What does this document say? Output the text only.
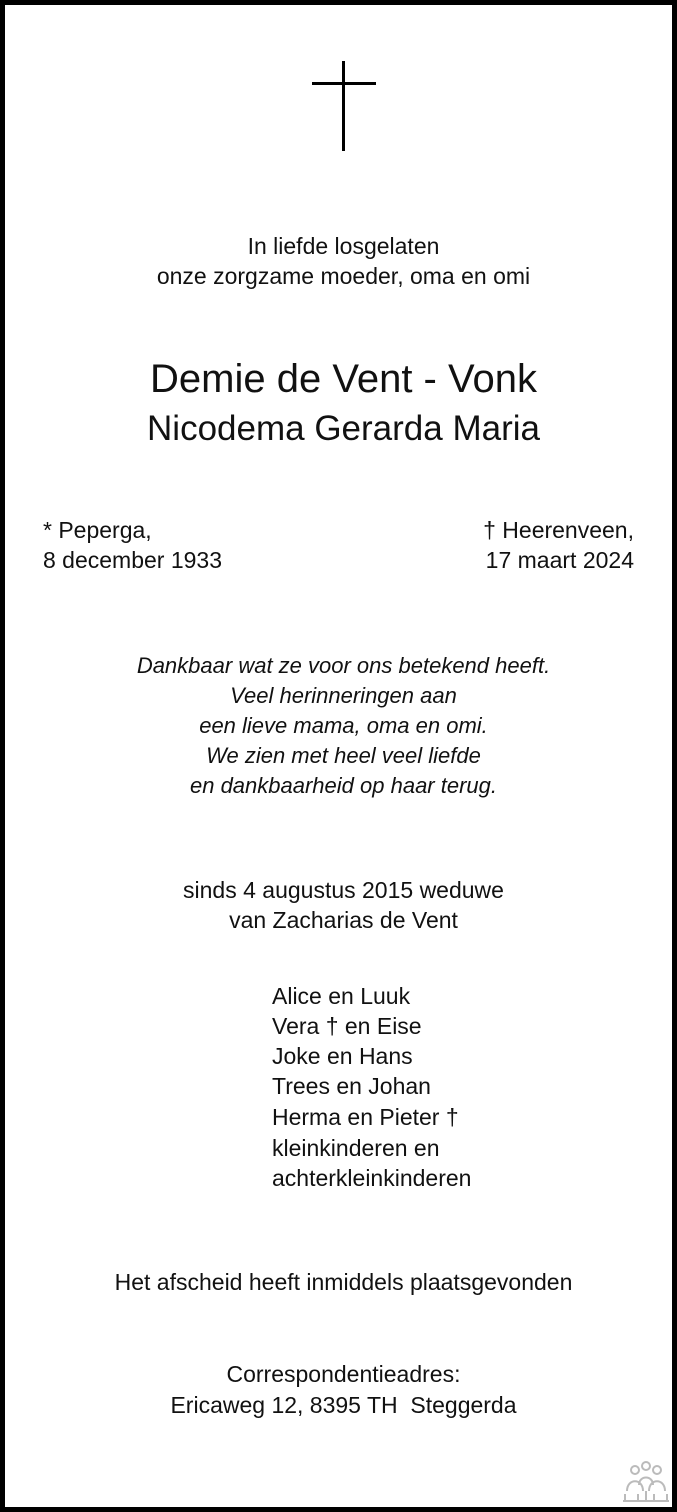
In liefde losgelaten
onze zorgzame moeder, oma en omi
Demie de Vent - Vonk
Nicodema Gerarda Maria
* Peperga,
8 december 1933
† Heerenveen,
17 maart 2024
Dankbaar wat ze voor ons betekend heeft.
Veel herinneringen aan
een lieve mama, oma en omi.
We zien met heel veel liefde
en dankbaarheid op haar terug.
sinds 4 augustus 2015 weduwe
van Zacharias de Vent
Alice en Luuk
Vera † en Eise
Joke en Hans
Trees en Johan
Herma en Pieter †
kleinkinderen en
achterkleinkinderen
Het afscheid heeft inmiddels plaatsgevonden
Correspondentieadres:
Ericaweg 12, 8395 TH  Steggerda
